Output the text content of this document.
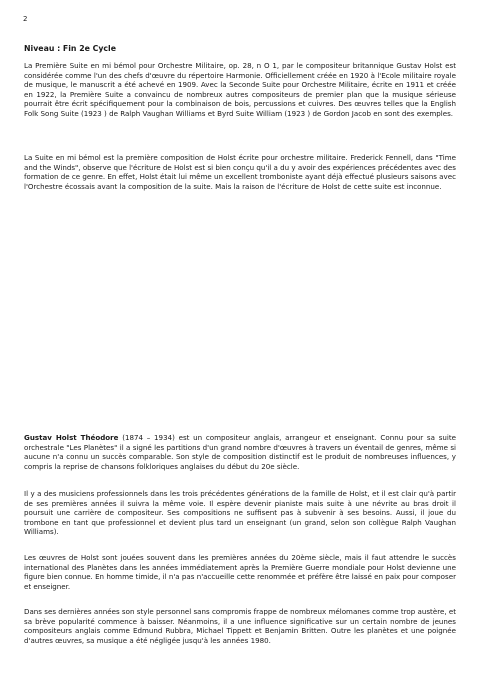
2
Niveau : Fin 2e Cycle

La Première Suite en mi bémol pour Orchestre Militaire, op. 28, n O 1, par le compositeur britannique Gustav Holst est considérée comme l'un des chefs d'œuvre du répertoire Harmonie. Officiellement créée en 1920 à l'Ecole militaire royale de musique, le manuscrit a été achevé en 1909. Avec la Seconde Suite pour Orchestre Militaire, écrite en 1911 et créée en 1922, la Première Suite a convaincu de nombreux autres compositeurs de premier plan que la musique sérieuse pourrait être écrit spécifiquement pour la combinaison de bois, percussions et cuivres. Des œuvres telles que la English Folk Song Suite (1923 ) de Ralph Vaughan Williams et Byrd Suite William (1923 ) de Gordon Jacob en sont des exemples.

La Suite en mi bémol est la première composition de Holst écrite pour orchestre militaire. Frederick Fennell, dans "Time and the Winds", observe que l'écriture de Holst est si bien conçu qu'il a du y avoir des expériences précédentes avec des formation de ce genre. En effet, Holst était lui même un excellent tromboniste ayant déjà effectué plusieurs saisons avec l'Orchestre écossais avant la composition de la suite. Mais la raison de l'écriture de Holst de cette suite est inconnue.

Gustav Holst Théodore (1874 – 1934) est un compositeur anglais, arrangeur et enseignant. Connu pour sa suite orchestrale "Les Planètes" il a signé les partitions d'un grand nombre d'œuvres à travers un éventail de genres, même si aucune n'a connu un succès comparable. Son style de composition distinctif est le produit de nombreuses influences, y compris la reprise de chansons folkloriques anglaises du début du 20e siècle.

Il y a des musiciens professionnels dans les trois précédentes générations de la famille de Holst, et il est clair qu'à partir de ses premières années il suivra la même voie. Il espère devenir pianiste mais suite à une névrite au bras droit il poursuit une carrière de compositeur. Ses compositions ne suffisent pas à subvenir à ses besoins. Aussi, il joue du trombone en tant que professionnel et devient plus tard un enseignant (un grand, selon son collègue Ralph Vaughan Williams).

Les œuvres de Holst sont jouées souvent dans les premières années du 20ème siècle, mais il faut attendre le succès international des Planètes dans les années immédiatement après la Première Guerre mondiale pour Holst devienne une figure bien connue. En homme timide, il n'a pas n'accueille cette renommée et préfère être laissé en paix pour composer et enseigner.

Dans ses dernières années son style personnel sans compromis frappe de nombreux mélomanes comme trop austère, et sa brève popularité commence à baisser. Néanmoins, il a une influence significative sur un certain nombre de jeunes compositeurs anglais comme Edmund Rubbra, Michael Tippett et Benjamin Britten. Outre les planètes et une poignée d'autres œuvres, sa musique a été négligée jusqu'à les années 1980.
